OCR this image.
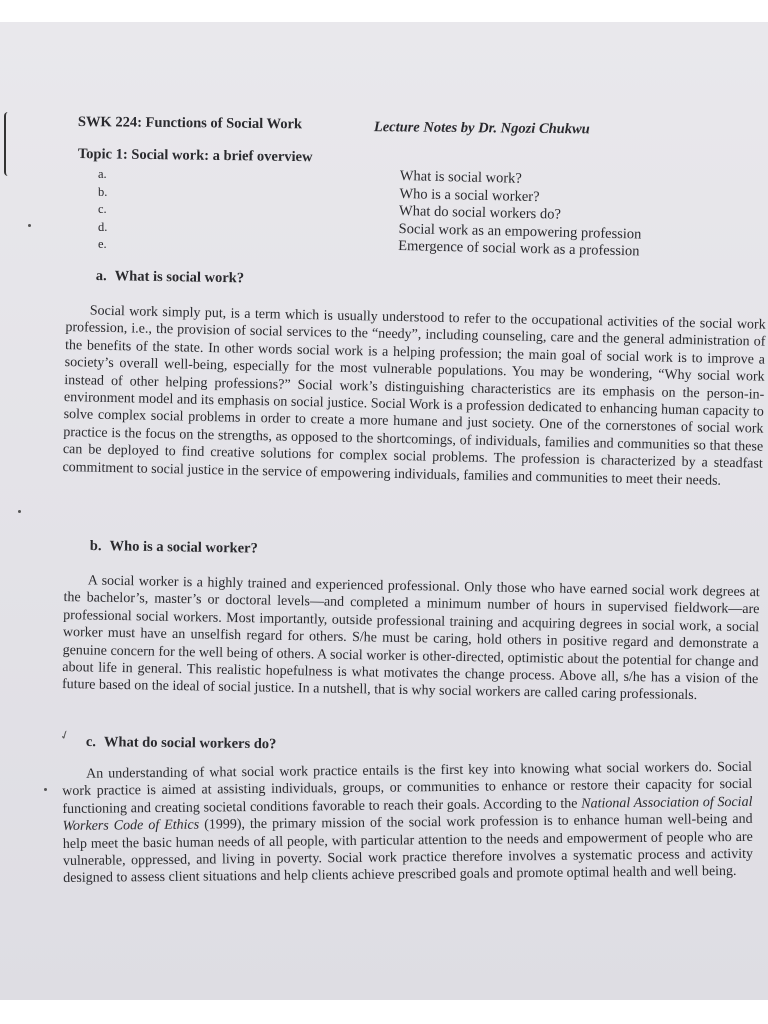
SWK 224: Functions of Social Work	Lecture Notes by Dr. Ngozi Chukwu
Topic 1: Social work: a brief overview
a.
b.
c.
d.
e.
What is social work?
Who is a social worker?
What do social workers do?
Social work as an empowering profession
Emergence of social work as a profession
a. What is social work?
Social work simply put, is a term which is usually understood to refer to the occupational activities of the social work profession, i.e., the provision of social services to the “needy”, including counseling, care and the general administration of the benefits of the state. In other words social work is a helping profession; the main goal of social work is to improve a society’s overall well-being, especially for the most vulnerable populations. You may be wondering, “Why social work instead of other helping professions?” Social work’s distinguishing characteristics are its emphasis on the person-in-environment model and its emphasis on social justice. Social Work is a profession dedicated to enhancing human capacity to solve complex social problems in order to create a more humane and just society. One of the cornerstones of social work practice is the focus on the strengths, as opposed to the shortcomings, of individuals, families and communities so that these can be deployed to find creative solutions for complex social problems. The profession is characterized by a steadfast commitment to social justice in the service of empowering individuals, families and communities to meet their needs.
b. Who is a social worker?
A social worker is a highly trained and experienced professional. Only those who have earned social work degrees at the bachelor’s, master’s or doctoral levels—and completed a minimum number of hours in supervised fieldwork—are professional social workers. Most importantly, outside professional training and acquiring degrees in social work, a social worker must have an unselfish regard for others. S/he must be caring, hold others in positive regard and demonstrate a genuine concern for the well being of others. A social worker is other-directed, optimistic about the potential for change and about life in general. This realistic hopefulness is what motivates the change process. Above all, s/he has a vision of the future based on the ideal of social justice. In a nutshell, that is why social workers are called caring professionals.
✓ c. What do social workers do?
An understanding of what social work practice entails is the first key into knowing what social workers do. Social work practice is aimed at assisting individuals, groups, or communities to enhance or restore their capacity for social functioning and creating societal conditions favorable to reach their goals. According to the National Association of Social Workers Code of Ethics (1999), the primary mission of the social work profession is to enhance human well-being and help meet the basic human needs of all people, with particular attention to the needs and empowerment of people who are vulnerable, oppressed, and living in poverty. Social work practice therefore involves a systematic process and activity designed to assess client situations and help clients achieve prescribed goals and promote optimal health and well being.
